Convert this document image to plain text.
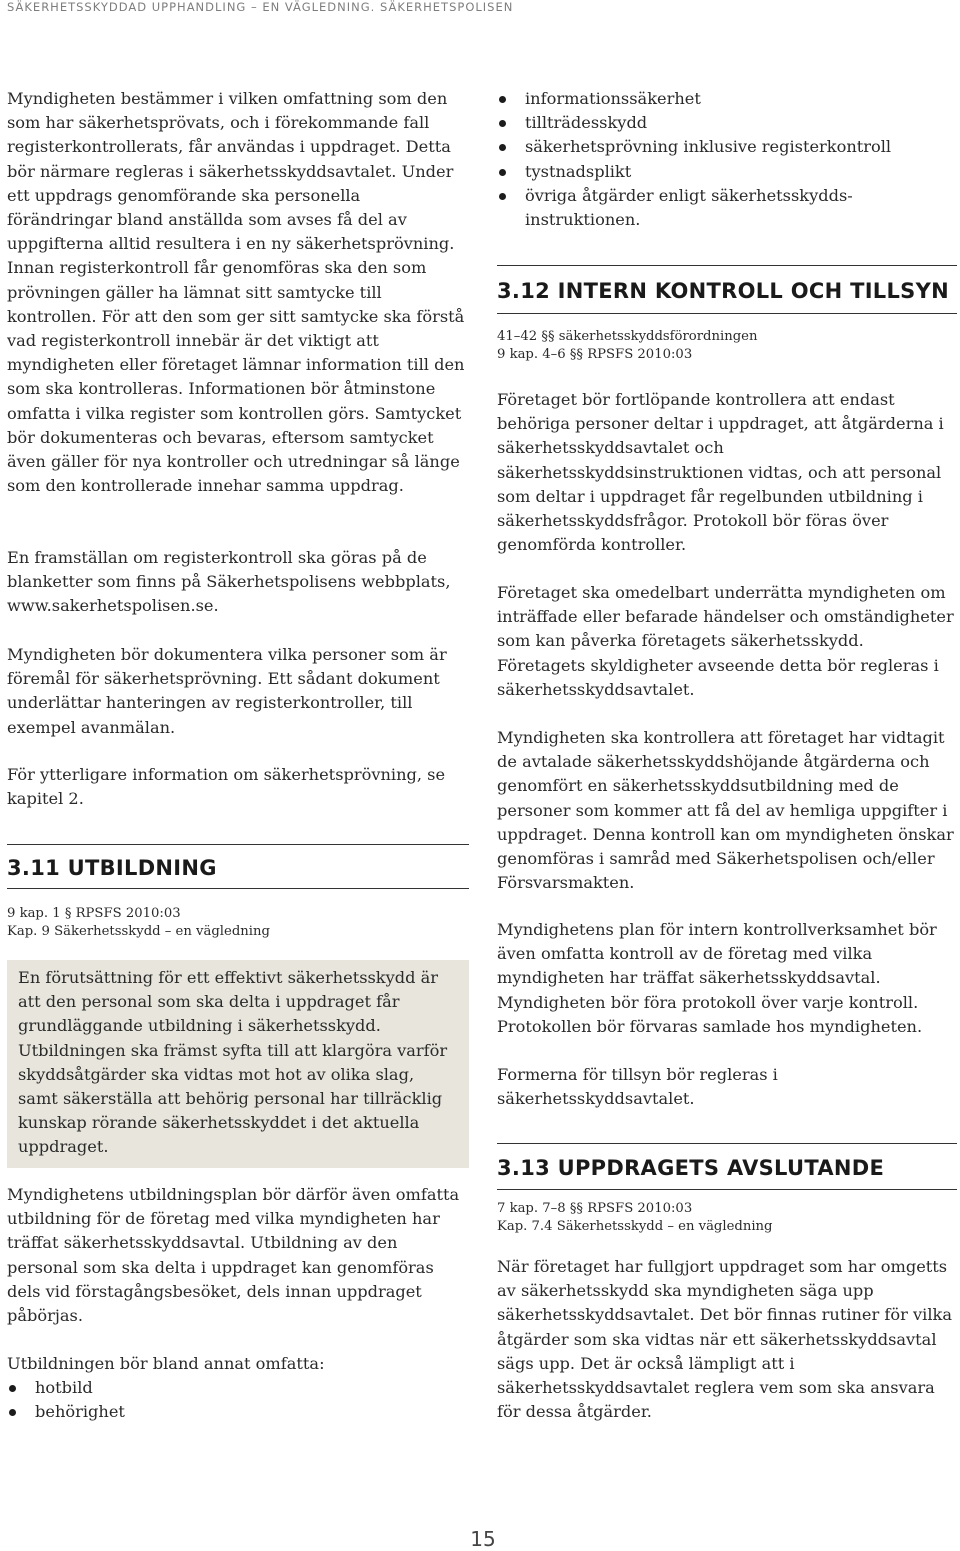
SÄKERHETSSKYDDAD UPPHANDLING – EN VÄGLEDNING. SÄKERHETSPOLISEN

Myndigheten bestämmer i vilken omfattning som den som har säkerhetsprövats, och i förekommande fall registerkontrollerats, får användas i uppdraget. Detta bör närmare regleras i säkerhetsskyddsavtalet. Under ett uppdrags genomförande ska personella förändringar bland anställda som avses få del av uppgifterna alltid resultera i en ny säkerhetsprövning. Innan registerkontroll får genomföras ska den som prövningen gäller ha lämnat sitt samtycke till kontrollen. För att den som ger sitt samtycke ska förstå vad registerkontroll innebär är det viktigt att myndigheten eller företaget lämnar information till den som ska kontrolleras. Informationen bör åtminstone omfatta i vilka register som kontrollen görs. Samtycket bör dokumenteras och bevaras, eftersom samtycket även gäller för nya kontroller och utredningar så länge som den kontrollerade innehar samma uppdrag.

En framställan om registerkontroll ska göras på de blanketter som finns på Säkerhetspolisens webbplats, www.sakerhetspolisen.se.

Myndigheten bör dokumentera vilka personer som är föremål för säkerhetsprövning. Ett sådant dokument underlättar hanteringen av registerkontroller, till exempel avanmälan.

För ytterligare information om säkerhetsprövning, se kapitel 2.

3.11 UTBILDNING
9 kap. 1 § RPSFS 2010:03
Kap. 9 Säkerhetsskydd – en vägledning

En förutsättning för ett effektivt säkerhetsskydd är att den personal som ska delta i uppdraget får grundläggande utbildning i säkerhetsskydd. Utbildningen ska främst syfta till att klargöra varför skyddsåtgärder ska vidtas mot hot av olika slag, samt säkerställa att behörig personal har tillräcklig kunskap rörande säkerhetsskyddet i det aktuella uppdraget.

Myndighetens utbildningsplan bör därför även omfatta utbildning för de företag med vilka myndigheten har träffat säkerhetsskyddsavtal. Utbildning av den personal som ska delta i uppdraget kan genomföras dels vid förstagångsbesöket, dels innan uppdraget påbörjas.

Utbildningen bör bland annat omfatta:

hotbild
behörighet
informationssäkerhet
tillträdesskydd
säkerhetsprövning inklusive registerkontroll
tystnadsplikt
övriga åtgärder enligt säkerhetsskydds-instruktionen.
3.12 INTERN KONTROLL OCH TILLSYN
41–42 §§ säkerhetsskyddsförordningen
9 kap. 4–6 §§ RPSFS 2010:03

Företaget bör fortlöpande kontrollera att endast behöriga personer deltar i uppdraget, att åtgärderna i säkerhetsskyddsavtalet och säkerhetsskyddsinstruktionen vidtas, och att personal som deltar i uppdraget får regelbunden utbildning i säkerhetsskyddsfrågor. Protokoll bör föras över genomförda kontroller.

Företaget ska omedelbart underrätta myndigheten om inträffade eller befarade händelser och omständigheter som kan påverka företagets säkerhetsskydd. Företagets skyldigheter avseende detta bör regleras i säkerhetsskyddsavtalet.

Myndigheten ska kontrollera att företaget har vidtagit de avtalade säkerhetsskyddshöjande åtgärderna och genomfört en säkerhetsskyddsutbildning med de personer som kommer att få del av hemliga uppgifter i uppdraget. Denna kontroll kan om myndigheten önskar genomföras i samråd med Säkerhetspolisen och/eller Försvarsmakten.

Myndighetens plan för intern kontrollverksamhet bör även omfatta kontroll av de företag med vilka myndigheten har träffat säkerhetsskyddsavtal. Myndigheten bör föra protokoll över varje kontroll. Protokollen bör förvaras samlade hos myndigheten.

Formerna för tillsyn bör regleras i säkerhetsskyddsavtalet.

3.13 UPPDRAGETS AVSLUTANDE
7 kap. 7–8 §§ RPSFS 2010:03
Kap. 7.4 Säkerhetsskydd – en vägledning

När företaget har fullgjort uppdraget som har omgetts av säkerhetsskydd ska myndigheten säga upp säkerhetsskyddsavtalet. Det bör finnas rutiner för vilka åtgärder som ska vidtas när ett säkerhetsskyddsavtal sägs upp. Det är också lämpligt att i säkerhetsskyddsavtalet reglera vem som ska ansvara för dessa åtgärder.

15
